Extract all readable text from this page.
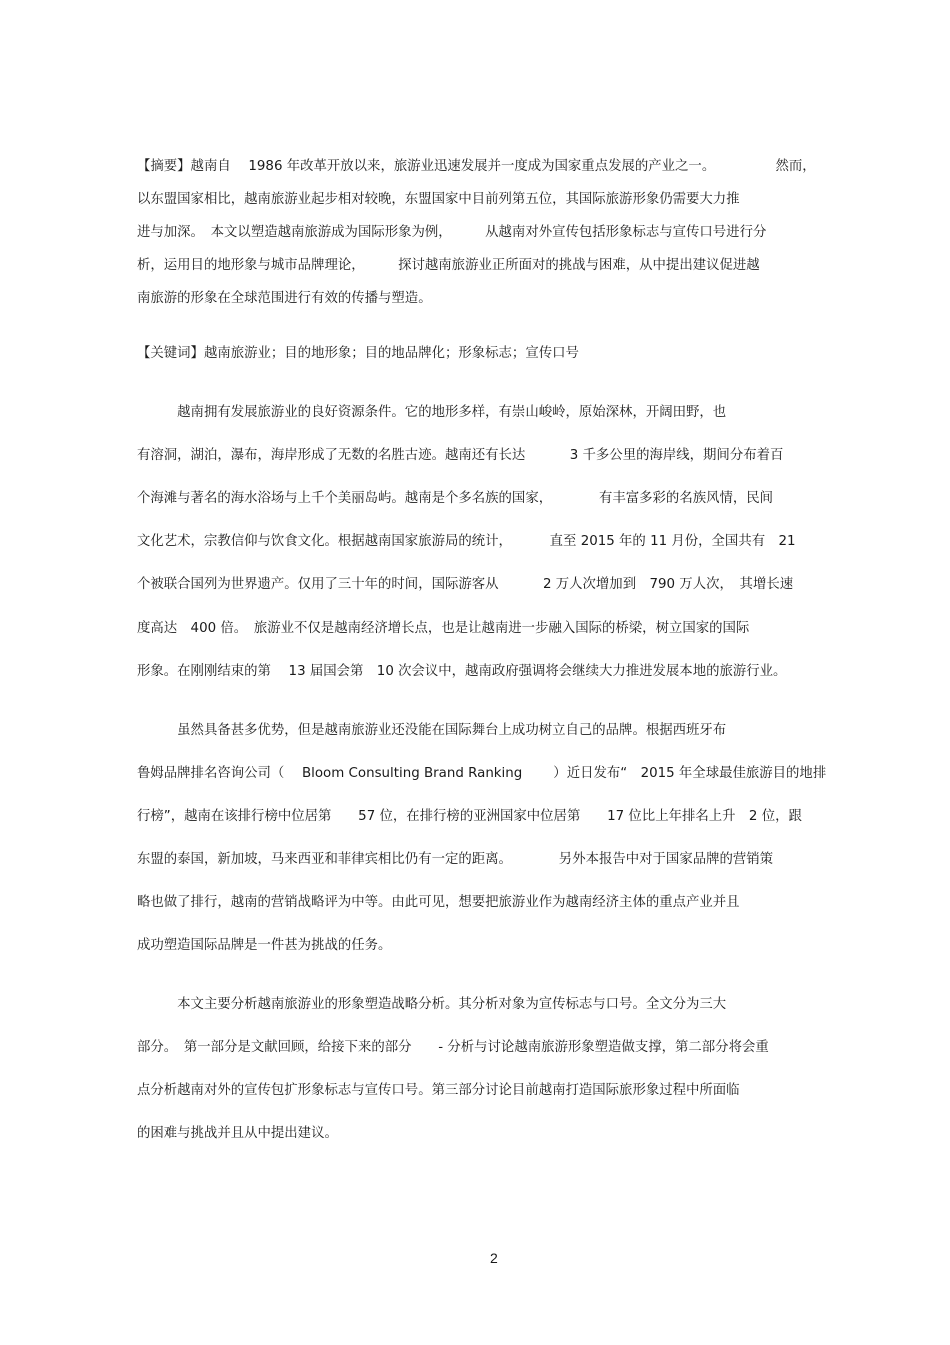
【摘要】越南自　 1986 年改革开放以来，旅游业迅速发展并一度成为国家重点发展的产业之一。　　　　　然而，
以东盟国家相比，越南旅游业起步相对较晚，东盟国家中目前列第五位，其国际旅游形象仍需要大力推
进与加深。　本文以塑造越南旅游成为国际形象为例，　　　从越南对外宣传包括形象标志与宣传口号进行分
析，运用目的地形象与城市品牌理论，　　　探讨越南旅游业正所面对的挑战与困难，从中提出建议促进越
南旅游的形象在全球范围进行有效的传播与塑造。
【关键词】越南旅游业；目的地形象；目的地品牌化；形象标志；宣传口号
　　　越南拥有发展旅游业的良好资源条件。它的地形多样，有崇山峻岭，原始深林，开阔田野，也
有溶洞，湖泊，瀑布，海岸形成了无数的名胜古迹。越南还有长达　　　 3 千多公里的海岸线，期间分布着百
个海滩与著名的海水浴场与上千个美丽岛屿。越南是个多名族的国家，　　　　有丰富多彩的名族风情，民间
文化艺术，宗教信仰与饮食文化。根据越南国家旅游局的统计，　　　 直至 2015 年的 11 月份，全国共有　21
个被联合国列为世界遗产。仅用了三十年的时间，国际游客从　　　 2 万人次增加到　790 万人次，　其增长速
度高达　400 倍。　旅游业不仅是越南经济增长点，也是让越南进一步融入国际的桥梁，树立国家的国际
形象。在刚刚结束的第　 13 届国会第　10 次会议中，越南政府强调将会继续大力推进发展本地的旅游行业。
　　　虽然具备甚多优势，但是越南旅游业还没能在国际舞台上成功树立自己的品牌。根据西班牙布
鲁姆品牌排名咨询公司（　 Bloom Consulting Brand Ranking　　 ）近日发布“　2015 年全球最佳旅游目的地排
行榜”，越南在该排行榜中位居第　　57 位，在排行榜的亚洲国家中位居第　　17 位比上年排名上升　2 位，跟
东盟的泰国，新加坡，马来西亚和菲律宾相比仍有一定的距离。　　　　另外本报告中对于国家品牌的营销策
略也做了排行，越南的营销战略评为中等。由此可见，想要把旅游业作为越南经济主体的重点产业并且
成功塑造国际品牌是一件甚为挑战的任务。
　　　本文主要分析越南旅游业的形象塑造战略分析。其分析对象为宣传标志与口号。全文分为三大
部分。　第一部分是文献回顾，给接下来的部分　　- 分析与讨论越南旅游形象塑造做支撑，第二部分将会重
点分析越南对外的宣传包扩形象标志与宣传口号。第三部分讨论目前越南打造国际旅形象过程中所面临
的困难与挑战并且从中提出建议。
2
